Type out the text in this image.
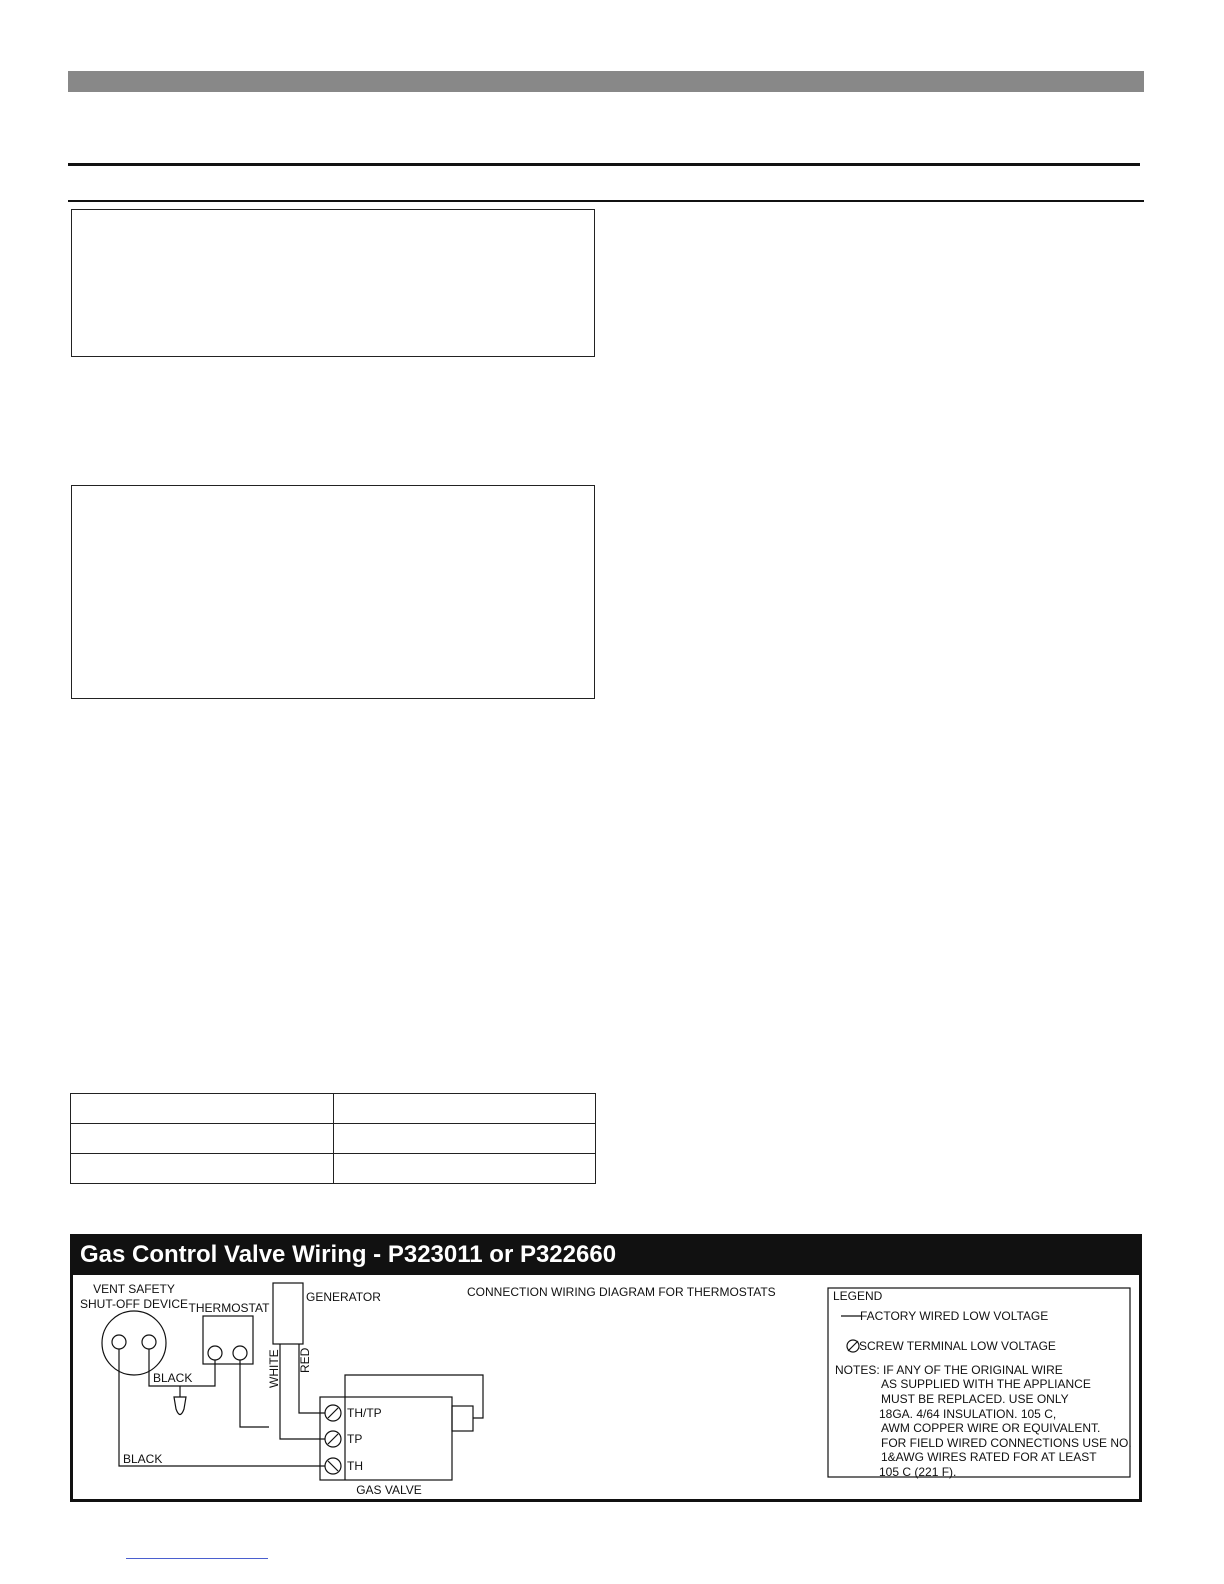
Gas Control Valve Wiring - P323011 or P322660
VENT SAFETY
SHUT-OFF DEVICE THERMOSTAT
GENERATOR
WHITE RED
BLACK
BLACK
TH/TP
TP
TH
GAS VALVE
CONNECTION WIRING DIAGRAM FOR THERMOSTATS	LEGEND
FACTORY WIRED LOW VOLTAGE
SCREW TERMINAL LOW VOLTAGE
NOTES: IF ANY OF THE ORIGINAL WIRE
AS SUPPLIED WITH THE APPLIANCE
MUST BE REPLACED. USE ONLY
18GA. 4/64 INSULATION. 105 C,
AWM COPPER WIRE OR EQUIVALENT.
FOR FIELD WIRED CONNECTIONS USE NO.
1&AWG WIRES RATED FOR AT LEAST
105 C (221 F).
